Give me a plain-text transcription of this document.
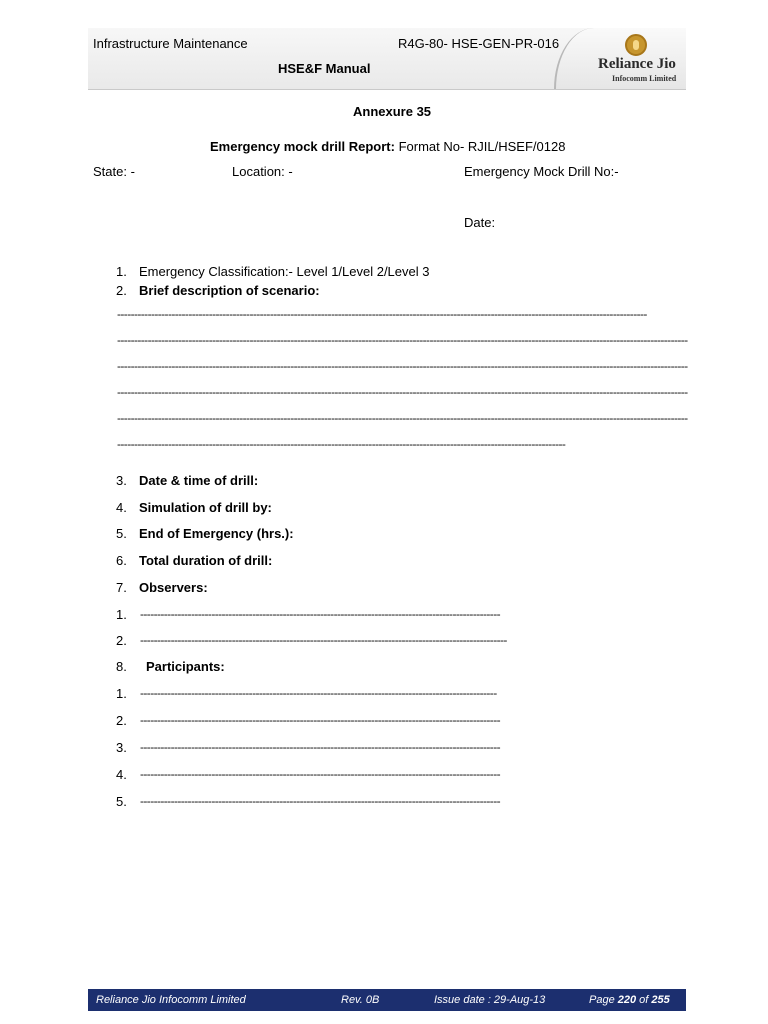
Infrastructure Maintenance	R4G-80- HSE-GEN-PR-016
HSE&F Manual	Reliance Jio
Infocomm Limited
Annexure 35
Emergency mock drill Report: Format No- RJIL/HSEF/0128
State: -	Location: -	Emergency Mock Drill No:-
Date:
1. Emergency Classification:- Level 1/Level 2/Level 3
2. Brief description of scenario:
------------------------------------------------------------------------------------------------------------------------------------------------------------
------------------------------------------------------------------------------------------------------------------------------------------------------------------------
------------------------------------------------------------------------------------------------------------------------------------------------------------------------
------------------------------------------------------------------------------------------------------------------------------------------------------------------------
------------------------------------------------------------------------------------------------------------------------------------------------------------------------
------------------------------------------------------------------------------------------------------------------------------------
3. Date & time of drill:
4. Simulation of drill by:
5. End of Emergency (hrs.):
6. Total duration of drill:
7. Observers:
1. ----------------------------------------------------------------------------------------------------------
2. ------------------------------------------------------------------------------------------------------------
8. Participants:
1. ---------------------------------------------------------------------------------------------------------
2. ----------------------------------------------------------------------------------------------------------
3. ----------------------------------------------------------------------------------------------------------
4. ----------------------------------------------------------------------------------------------------------
5. ----------------------------------------------------------------------------------------------------------
Reliance Jio Infocomm Limited	Rev. 0B	Issue date : 29-Aug-13	Page 220 of 255
